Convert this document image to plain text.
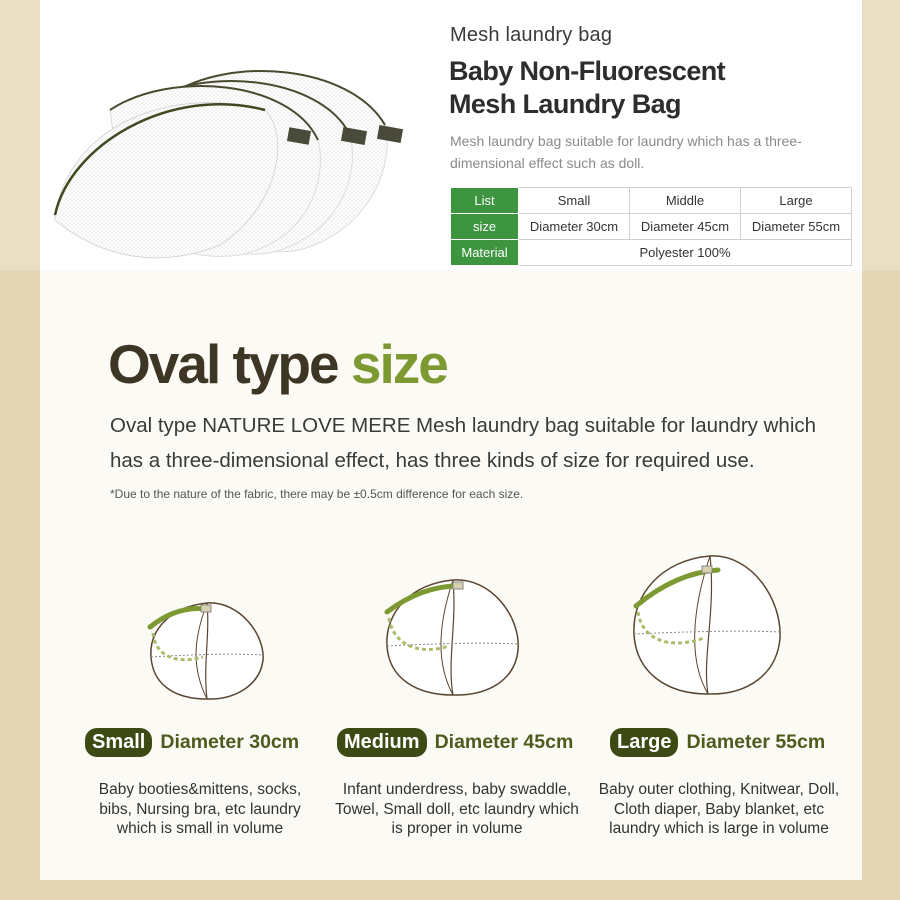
Mesh laundry bag
Baby Non-Fluorescent
Mesh Laundry Bag
Mesh laundry bag suitable for laundry which has a three-dimensional effect such as doll.
List	Small	Middle	Large
size	Diameter 30cm	Diameter 45cm	Diameter 55cm
Material	Polyester 100%		
Oval type size
Oval type NATURE LOVE MERE Mesh laundry bag suitable for laundry which has a three-dimensional effect, has three kinds of size for required use.
*Due to the nature of the fabric, there may be ±0.5cm difference for each size.
Small Diameter 30cm	Medium Diameter 45cm	Large Diameter 55cm
Baby booties&mittens, socks, bibs, Nursing bra, etc laundry which is small in volume
Infant underdress, baby swaddle, Towel, Small doll, etc laundry which is proper in volume
Baby outer clothing, Knitwear, Doll, Cloth diaper, Baby blanket, etc laundry which is large in volume
